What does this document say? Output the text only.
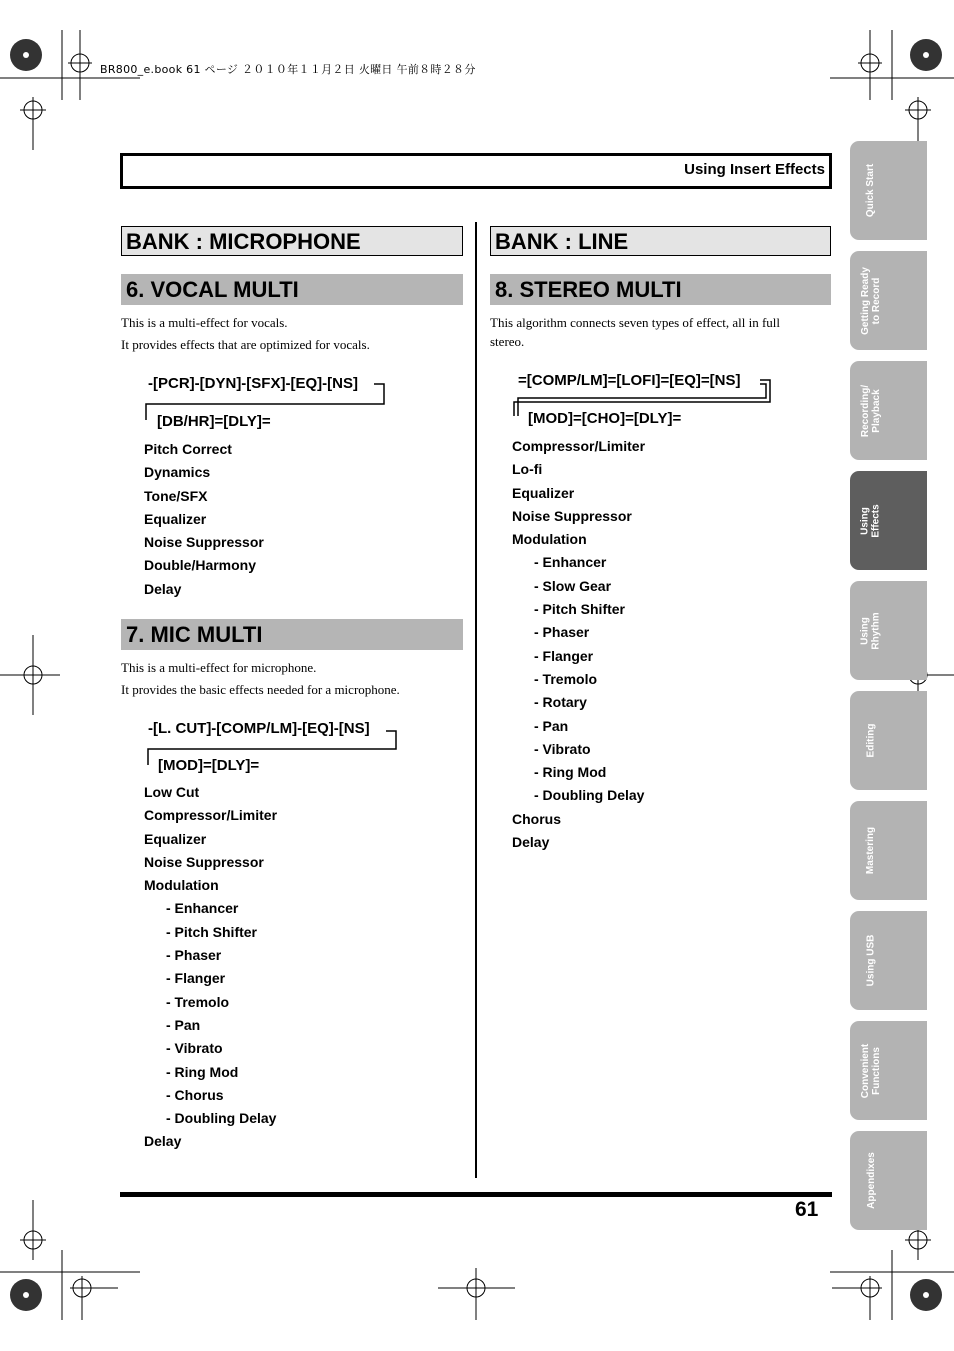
BR800_e.book 61 ページ ２０１０年１１月２日 火曜日 午前８時２８分
Using Insert Effects
BANK : MICROPHONE
6. VOCAL MULTI
This is a multi-effect for vocals.
It provides effects that are optimized for vocals.
-[PCR]-[DYN]-[SFX]-[EQ]-[NS]
[DB/HR]=[DLY]=
Pitch Correct
Dynamics
Tone/SFX
Equalizer
Noise Suppressor
Double/Harmony
Delay
7. MIC MULTI
This is a multi-effect for microphone.
It provides the basic effects needed for a microphone.
-[L. CUT]-[COMP/LM]-[EQ]-[NS]
[MOD]=[DLY]=
Low Cut
Compressor/Limiter
Equalizer
Noise Suppressor
Modulation
- Enhancer
- Pitch Shifter
- Phaser
- Flanger
- Tremolo
- Pan
- Vibrato
- Ring Mod
- Chorus
- Doubling Delay
Delay
BANK : LINE
8. STEREO MULTI
This algorithm connects seven types of effect, all in full
stereo.
=[COMP/LM]=[LOFI]=[EQ]=[NS]
[MOD]=[CHO]=[DLY]=
Compressor/Limiter
Lo-fi
Equalizer
Noise Suppressor
Modulation
- Enhancer
- Slow Gear
- Pitch Shifter
- Phaser
- Flanger
- Tremolo
- Rotary
- Pan
- Vibrato
- Ring Mod
- Doubling Delay
Chorus
Delay
61
Quick Start
Getting Ready
to Record
Recording/
Playback
Using
Effects
Using
Rhythm
Editing
Mastering
Using USB
Convenient
Functions
Appendixes
